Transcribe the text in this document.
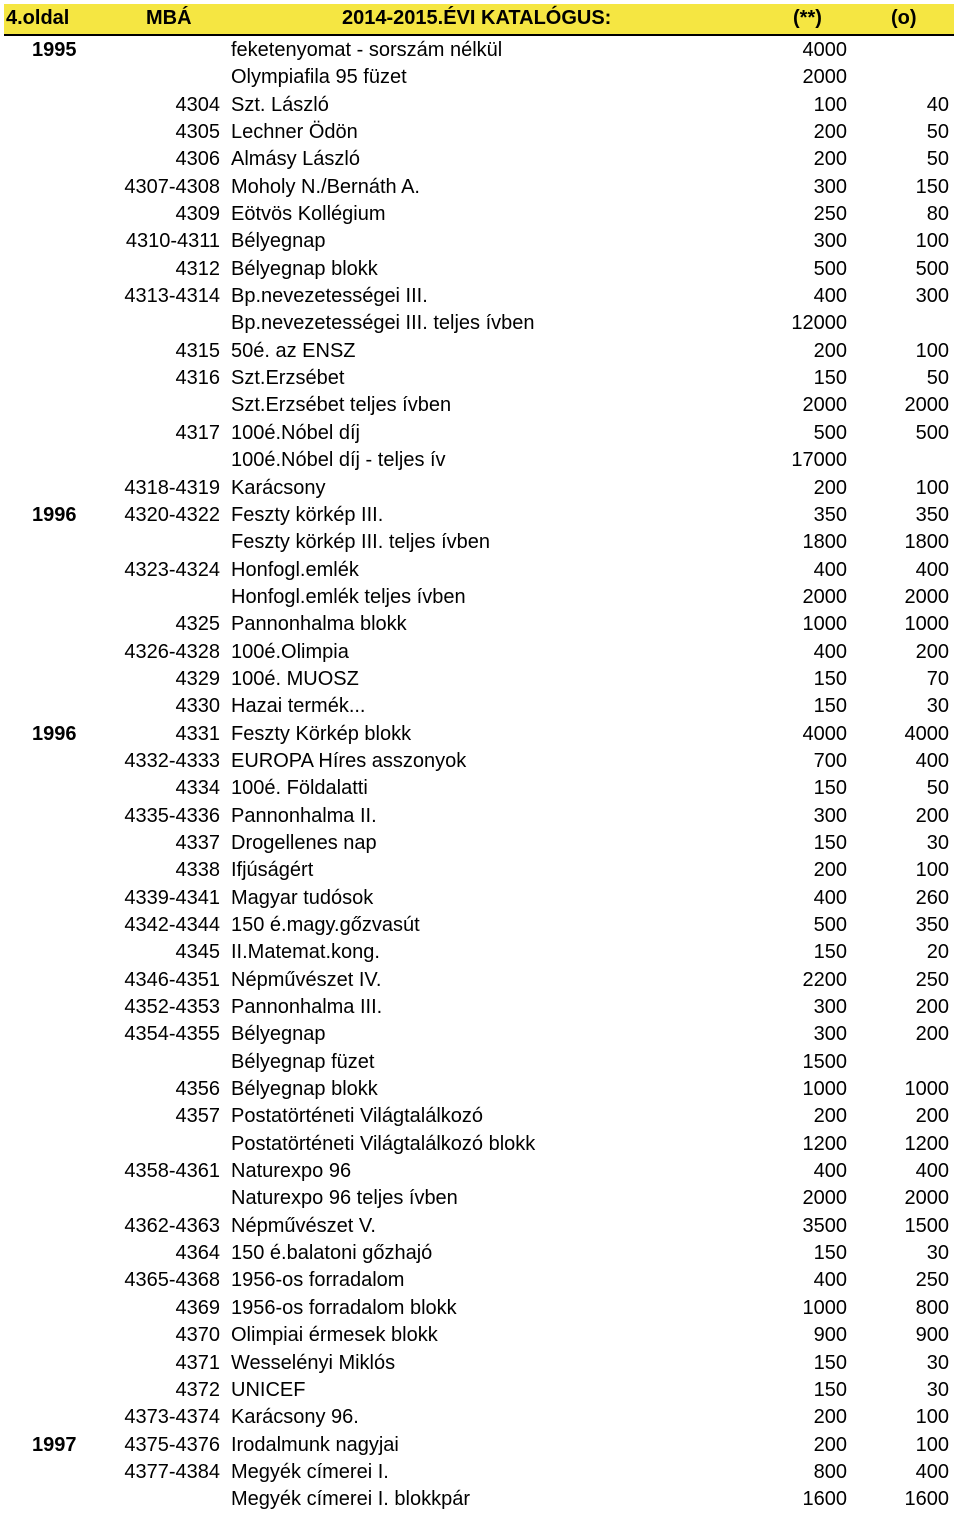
4.oldal	MBÁ	2014-2015.ÉVI KATALÓGUS:	(**)	(o)
1995	feketenyomat - sorszám nélkül	4000
Olympiafila 95 füzet	2000
4304 Szt. László	100	40
4305 Lechner Ödön	200	50
4306 Almásy László	200	50
4307-4308 Moholy N./Bernáth A.	300	150
4309 Eötvös Kollégium	250	80
4310-4311 Bélyegnap	300	100
4312 Bélyegnap blokk	500	500
4313-4314 Bp.nevezetességei III.	400	300
Bp.nevezetességei III. teljes ívben	12000
4315 50é. az ENSZ	200	100
4316 Szt.Erzsébet	150	50
Szt.Erzsébet teljes ívben	2000	2000
4317 100é.Nóbel díj	500	500
100é.Nóbel díj - teljes ív	17000
4318-4319 Karácsony	200	100
1996 4320-4322 Feszty körkép III.	350	350
Feszty körkép III. teljes ívben	1800	1800
4323-4324 Honfogl.emlék	400	400
Honfogl.emlék teljes ívben	2000	2000
4325 Pannonhalma blokk	1000	1000
4326-4328 100é.Olimpia	400	200
4329 100é. MUOSZ	150	70
4330 Hazai termék...	150	30
1996	4331 Feszty Körkép blokk	4000	4000
4332-4333 EUROPA Híres asszonyok	700	400
4334 100é. Földalatti	150	50
4335-4336 Pannonhalma II.	300	200
4337 Drogellenes nap	150	30
4338 Ifjúságért	200	100
4339-4341 Magyar tudósok	400	260
4342-4344 150 é.magy.gőzvasút	500	350
4345 II.Matemat.kong.	150	20
4346-4351 Népművészet IV.	2200	250
4352-4353 Pannonhalma III.	300	200
4354-4355 Bélyegnap	300	200
Bélyegnap füzet	1500
4356 Bélyegnap blokk	1000	1000
4357 Postatörténeti Világtalálkozó	200	200
Postatörténeti Világtalálkozó blokk	1200	1200
4358-4361 Naturexpo 96	400	400
Naturexpo 96 teljes ívben	2000	2000
4362-4363 Népművészet V.	3500	1500
4364 150 é.balatoni gőzhajó	150	30
4365-4368 1956-os forradalom	400	250
4369 1956-os forradalom blokk	1000	800
4370 Olimpiai érmesek blokk	900	900
4371 Wesselényi Miklós	150	30
4372 UNICEF	150	30
4373-4374 Karácsony 96.	200	100
1997 4375-4376 Irodalmunk nagyjai	200	100
4377-4384 Megyék címerei I.	800	400
Megyék címerei I. blokkpár	1600	1600
